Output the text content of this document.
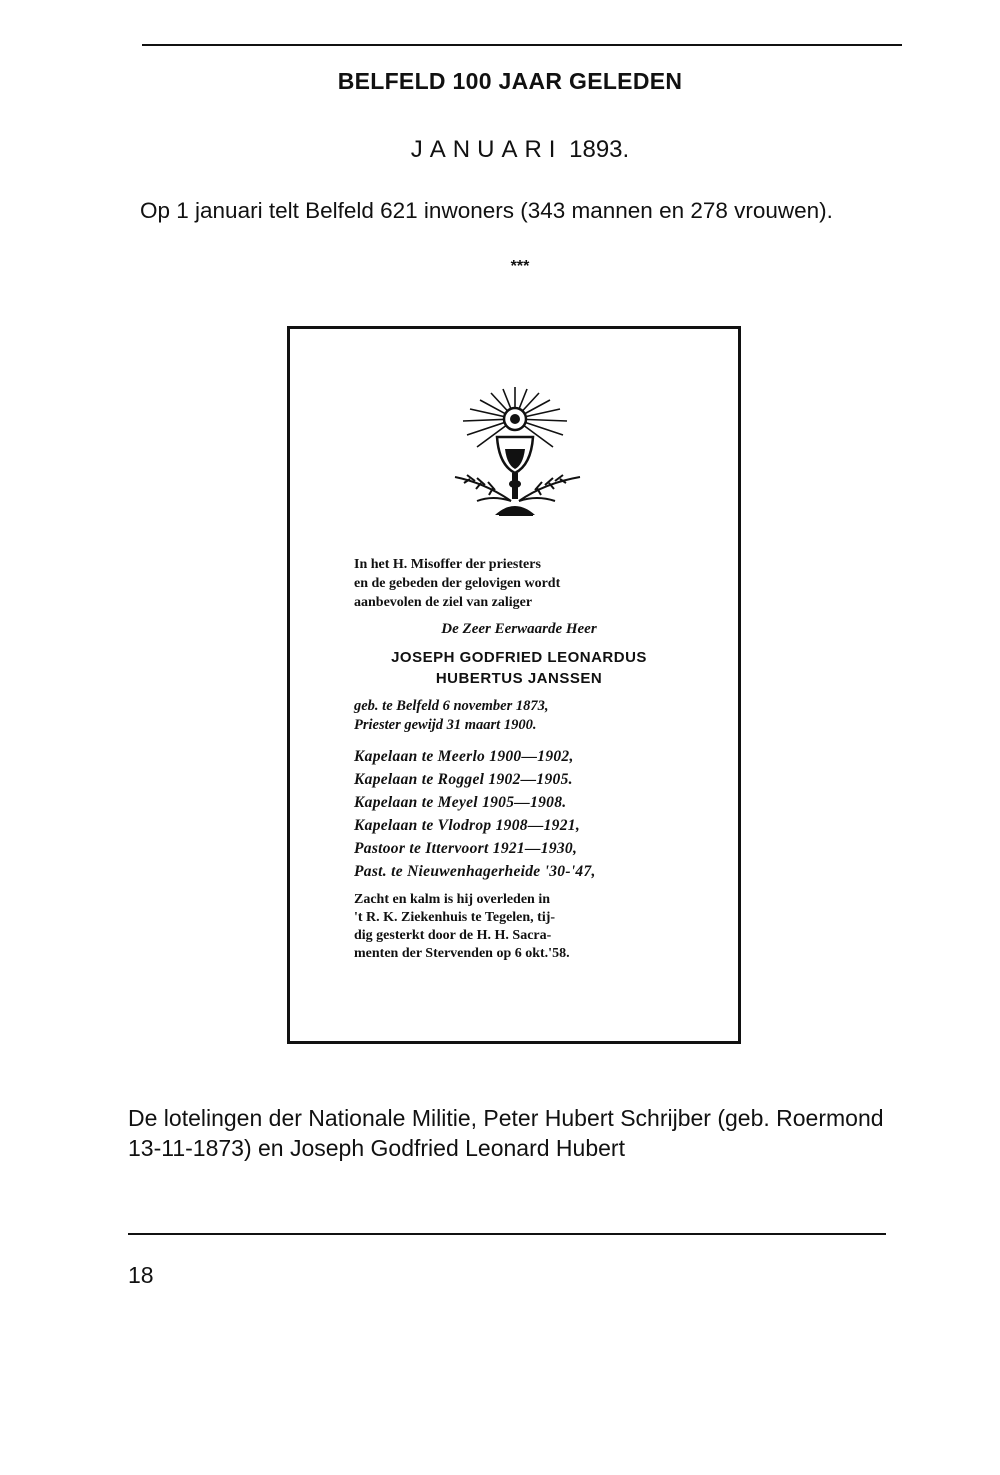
BELFELD 100 JAAR GELEDEN
JANUARI 1893.
Op 1 januari telt Belfeld 621 inwoners (343 mannen en 278 vrouwen).
***
In het H. Misoffer der priesters
en de gebeden der gelovigen wordt
aanbevolen de ziel van zaliger
De Zeer Eerwaarde Heer
JOSEPH GODFRIED LEONARDUS
HUBERTUS JANSSEN
geb. te Belfeld 6 november 1873,
Priester gewijd 31 maart 1900.
Kapelaan te Meerlo 1900—1902,
Kapelaan te Roggel 1902—1905.
Kapelaan te Meyel 1905—1908.
Kapelaan te Vlodrop 1908—1921,
Pastoor te Ittervoort 1921—1930,
Past. te Nieuwenhagerheide '30-'47,
Zacht en kalm is hij overleden in
't R. K. Ziekenhuis te Tegelen, tij-
dig gesterkt door de H. H. Sacra-
menten der Stervenden op 6 okt.'58.
De lotelingen der Nationale Militie, Peter Hubert Schrijber (geb. Roermond 13-11-1873) en Joseph Godfried Leonard Hubert
18
